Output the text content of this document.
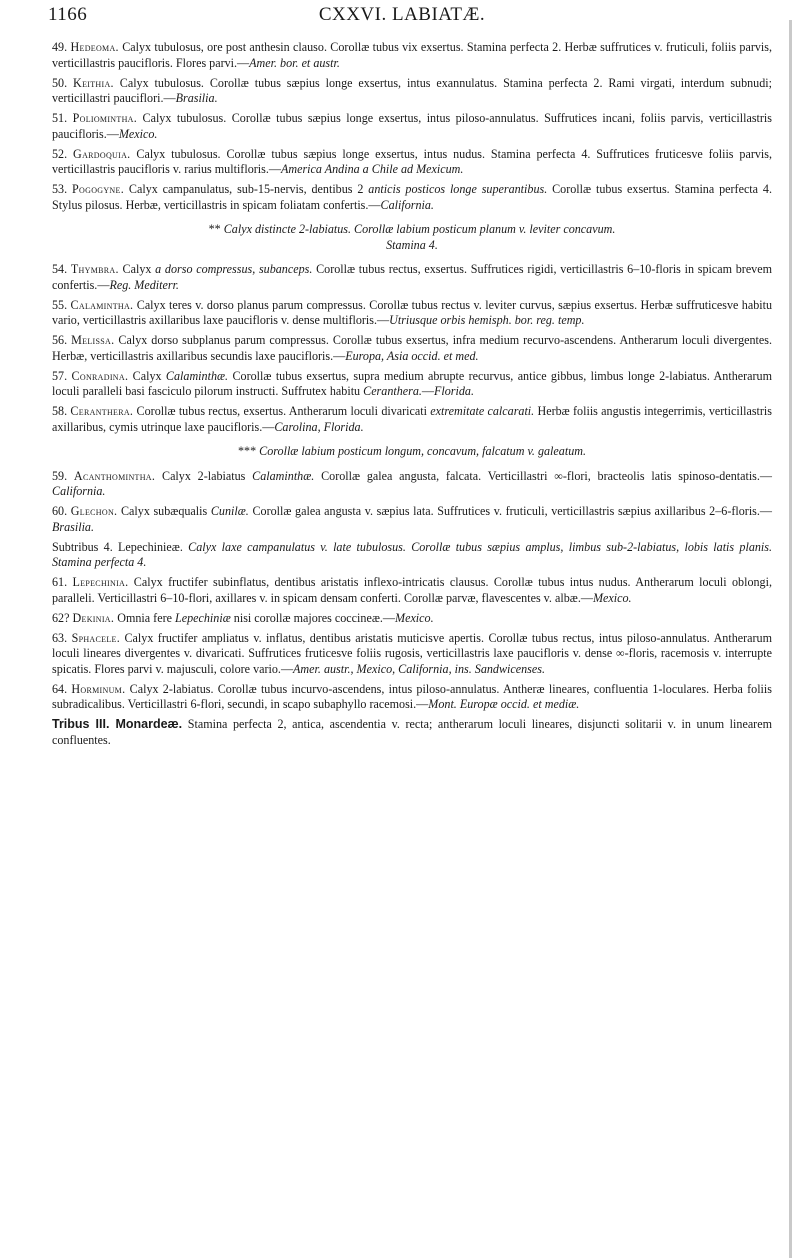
1166	CXXVI. LABIATÆ.

49. Hedeoma. Calyx tubulosus, ore post anthesin clauso. Corollæ tubus vix exsertus. Stamina perfecta 2. Herbæ suffrutices v. fruticuli, foliis parvis, verticillastris paucifloris. Flores parvi.—Amer. bor. et austr.

50. Keithia. Calyx tubulosus. Corollæ tubus sæpius longe exsertus, intus exannulatus. Stamina perfecta 2. Rami virgati, interdum subnudi; verticillastri pauciflori.—Brasilia.

51. Poliomintha. Calyx tubulosus. Corollæ tubus sæpius longe exsertus, intus piloso-annulatus. Suffrutices incani, foliis parvis, verticillastris paucifloris.—Mexico.

52. Gardoquia. Calyx tubulosus. Corollæ tubus sæpius longe exsertus, intus nudus. Stamina perfecta 4. Suffrutices fruticesve foliis parvis, verticillastris paucifloris v. rarius multifloris.—America Andina a Chile ad Mexicum.

53. Pogogyne. Calyx campanulatus, sub-15-nervis, dentibus 2 anticis posticos longe superantibus. Corollæ tubus exsertus. Stamina perfecta 4. Stylus pilosus. Herbæ, verticillastris in spicam foliatam confertis.—California.

** Calyx distincte 2-labiatus. Corollæ labium posticum planum v. leviter concavum.
Stamina 4.

54. Thymbra. Calyx a dorso compressus, subanceps. Corollæ tubus rectus, exsertus. Suffrutices rigidi, verticillastris 6–10-floris in spicam brevem confertis.—Reg. Mediterr.

55. Calamintha. Calyx teres v. dorso planus parum compressus. Corollæ tubus rectus v. leviter curvus, sæpius exsertus. Herbæ suffruticesve habitu vario, verticillastris axillaribus laxe paucifloris v. dense multifloris.—Utriusque orbis hemisph. bor. reg. temp.

56. Melissa. Calyx dorso subplanus parum compressus. Corollæ tubus exsertus, infra medium recurvo-ascendens. Antherarum loculi divergentes. Herbæ, verticillastris axillaribus secundis laxe paucifloris.—Europa, Asia occid. et med.

57. Conradina. Calyx Calaminthæ. Corollæ tubus exsertus, supra medium abrupte recurvus, antice gibbus, limbus longe 2-labiatus. Antherarum loculi paralleli basi fasciculo pilorum instructi. Suffrutex habitu Ceranthera.—Florida.

58. Ceranthera. Corollæ tubus rectus, exsertus. Antherarum loculi divaricati extremitate calcarati. Herbæ foliis angustis integerrimis, verticillastris axillaribus, cymis utrinque laxe paucifloris.—Carolina, Florida.

*** Corollæ labium posticum longum, concavum, falcatum v. galeatum.

59. Acanthomintha. Calyx 2-labiatus Calaminthæ. Corollæ galea angusta, falcata. Verticillastri ∞-flori, bracteolis latis spinoso-dentatis.—California.

60. Glechon. Calyx subæqualis Cunilæ. Corollæ galea angusta v. sæpius lata. Suffrutices v. fruticuli, verticillastris sæpius axillaribus 2–6-floris.—Brasilia.

Subtribus 4. Lepechinieæ. Calyx laxe campanulatus v. late tubulosus. Corollæ tubus sæpius amplus, limbus sub-2-labiatus, lobis latis planis. Stamina perfecta 4.

61. Lepechinia. Calyx fructifer subinflatus, dentibus aristatis inflexo-intricatis clausus. Corollæ tubus intus nudus. Antherarum loculi oblongi, paralleli. Verticillastri 6–10-flori, axillares v. in spicam densam conferti. Corollæ parvæ, flavescentes v. albæ.—Mexico.

62? Dekinia. Omnia fere Lepechiniæ nisi corollæ majores coccineæ.—Mexico.

63. Sphacele. Calyx fructifer ampliatus v. inflatus, dentibus aristatis muticisve apertis. Corollæ tubus rectus, intus piloso-annulatus. Antherarum loculi lineares divergentes v. divaricati. Suffrutices fruticesve foliis rugosis, verticillastris laxe paucifloris v. dense ∞-floris, racemosis v. interrupte spicatis. Flores parvi v. majusculi, colore vario.—Amer. austr., Mexico, California, ins. Sandwicenses.

64. Horminum. Calyx 2-labiatus. Corollæ tubus incurvo-ascendens, intus piloso-annulatus. Antheræ lineares, confluentia 1-loculares. Herba foliis subradicalibus. Verticillastri 6-flori, secundi, in scapo subaphyllo racemosi.—Mont. Europæ occid. et mediæ.

Tribus III. Monardeæ. Stamina perfecta 2, antica, ascendentia v. recta; antherarum loculi lineares, disjuncti solitarii v. in unum linearem confluentes.
